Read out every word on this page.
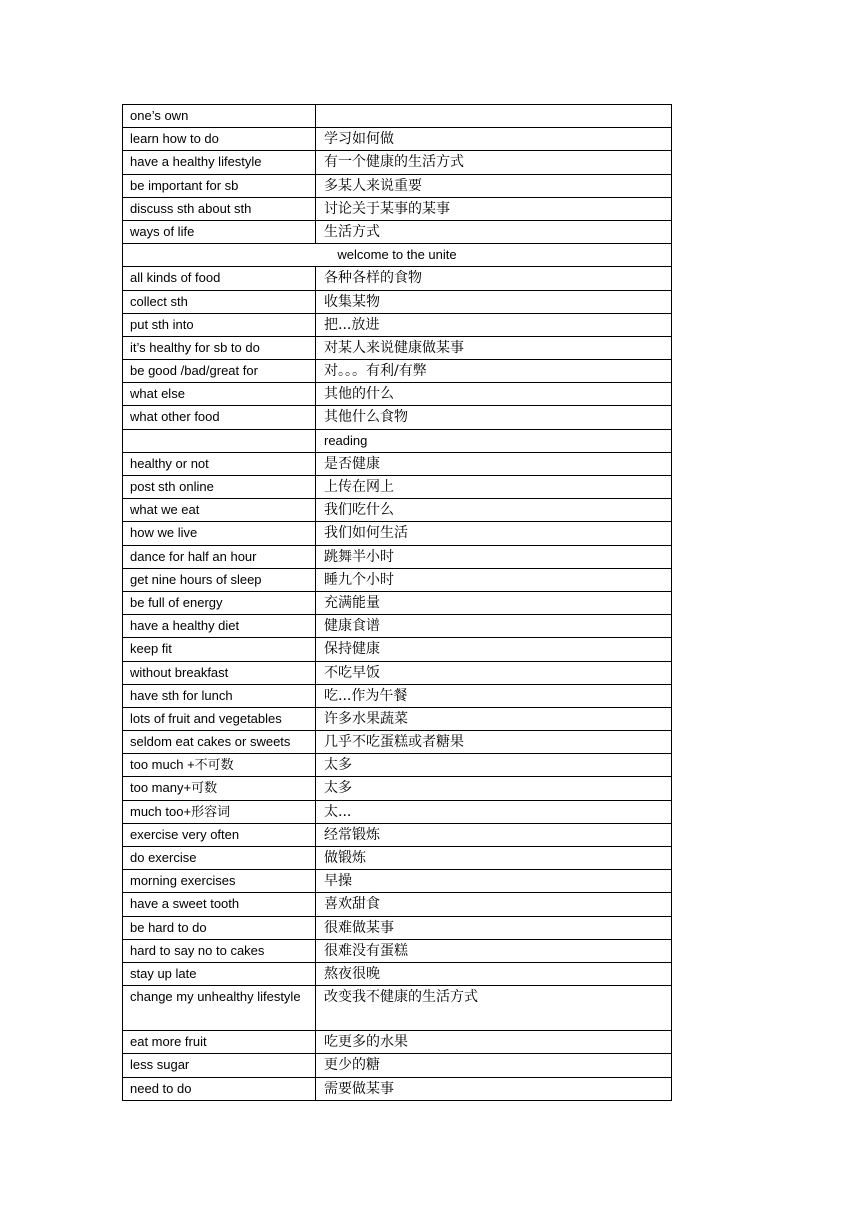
one’s own	
learn how to do	学习如何做
have a healthy lifestyle	有一个健康的生活方式
be important for sb	多某人来说重要
discuss sth about sth	讨论关于某事的某事
ways of life	生活方式
welcome to the unite	
all kinds of food	各种各样的食物
collect sth	收集某物
put sth into	把...放进
it’s healthy for sb to do	对某人来说健康做某事
be good /bad/great for	对。。。有利/有弊
what else	其他的什么
what other food	其他什么食物
	reading
healthy or not	是否健康
post sth online	上传在网上
what we eat	我们吃什么
how we live	我们如何生活
dance for half an hour	跳舞半小时
get nine hours of sleep	睡九个小时
be full of energy	充满能量
have a healthy diet	健康食谱
keep fit	保持健康
without breakfast	不吃早饭
have sth for lunch	吃...作为午餐
lots of fruit and vegetables	许多水果蔬菜
seldom eat cakes or sweets	几乎不吃蛋糕或者糖果
too much +不可数	太多
too many+可数	太多
much too+形容词	太...
exercise very often	经常锻炼
do exercise	做锻炼
morning exercises	早操
have a sweet tooth	喜欢甜食
be hard to do	很难做某事
hard to say no to cakes	很难没有蛋糕
stay up late	熬夜很晚
change my unhealthy lifestyle	改变我不健康的生活方式
eat more fruit	吃更多的水果
less sugar	更少的糖
need to do	需要做某事
